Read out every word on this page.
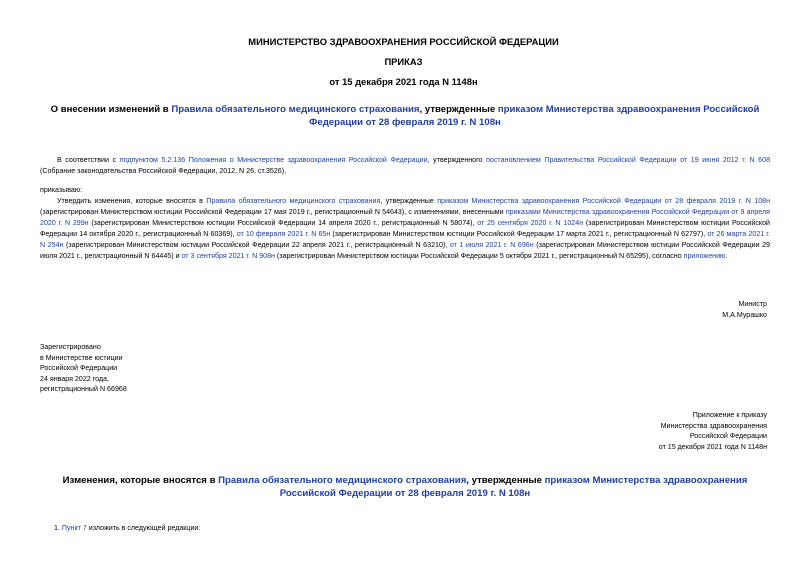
МИНИСТЕРСТВО ЗДРАВООХРАНЕНИЯ РОССИЙСКОЙ ФЕДЕРАЦИИ
ПРИКАЗ
от 15 декабря 2021 года N 1148н
О внесении изменений в Правила обязательного медицинского страхования, утвержденные приказом Министерства здравоохранения Российской Федерации от 28 февраля 2019 г. N 108н
В соответствии с подпунктом 5.2.136 Положения о Министерстве здравоохранения Российской Федерации, утвержденного постановлением Правительства Российской Федерации от 19 июня 2012 г. N 608 (Собрание законодательства Российской Федерации, 2012, N 26, ст.3526),
приказываю:
Утвердить изменения, которые вносятся в Правила обязательного медицинского страхования, утвержденные приказом Министерства здравоохранения Российской Федерации от 28 февраля 2019 г. N 108н (зарегистрирован Министерством юстиции Российской Федерации 17 мая 2019 г., регистрационный N 54643), с изменениями, внесенными приказами Министерства здравоохранения Российской Федерации от 9 апреля 2020 г. N 299н (зарегистрирован Министерством юстиции Российской Федерации 14 апреля 2020 г., регистрационный N 58074), от 25 сентября 2020 г. N 1024н (зарегистрирован Министерством юстиции Российской Федерации 14 октября 2020 г., регистрационный N 60369), от 10 февраля 2021 г. N 65н (зарегистрирован Министерством юстиции Российской Федерации 17 марта 2021 г., регистрационный N 62797), от 26 марта 2021 г. N 254н (зарегистрирован Министерством юстиции Российской Федерации 22 апреля 2021 г., регистрационный N 63210), от 1 июля 2021 г. N 696н (зарегистрирован Министерством юстиции Российской Федерации 29 июля 2021 г., регистрационный N 64445) и от 3 сентября 2021 г. N 908н (зарегистрирован Министерством юстиции Российской Федерации 5 октября 2021 г., регистрационный N 65295), согласно приложению.
Министр
М.А.Мурашко
Зарегистрировано
в Министерстве юстиции
Российской Федерации
24 января 2022 года,
регистрационный N 66968
Приложение к приказу
Министерства здравоохранения
Российской Федерации
от 15 декабря 2021 года N 1148н
Изменения, которые вносятся в Правила обязательного медицинского страхования, утвержденные приказом Министерства здравоохранения Российской Федерации от 28 февраля 2019 г. N 108н
1. Пункт 7 изложить в следующей редакции:
